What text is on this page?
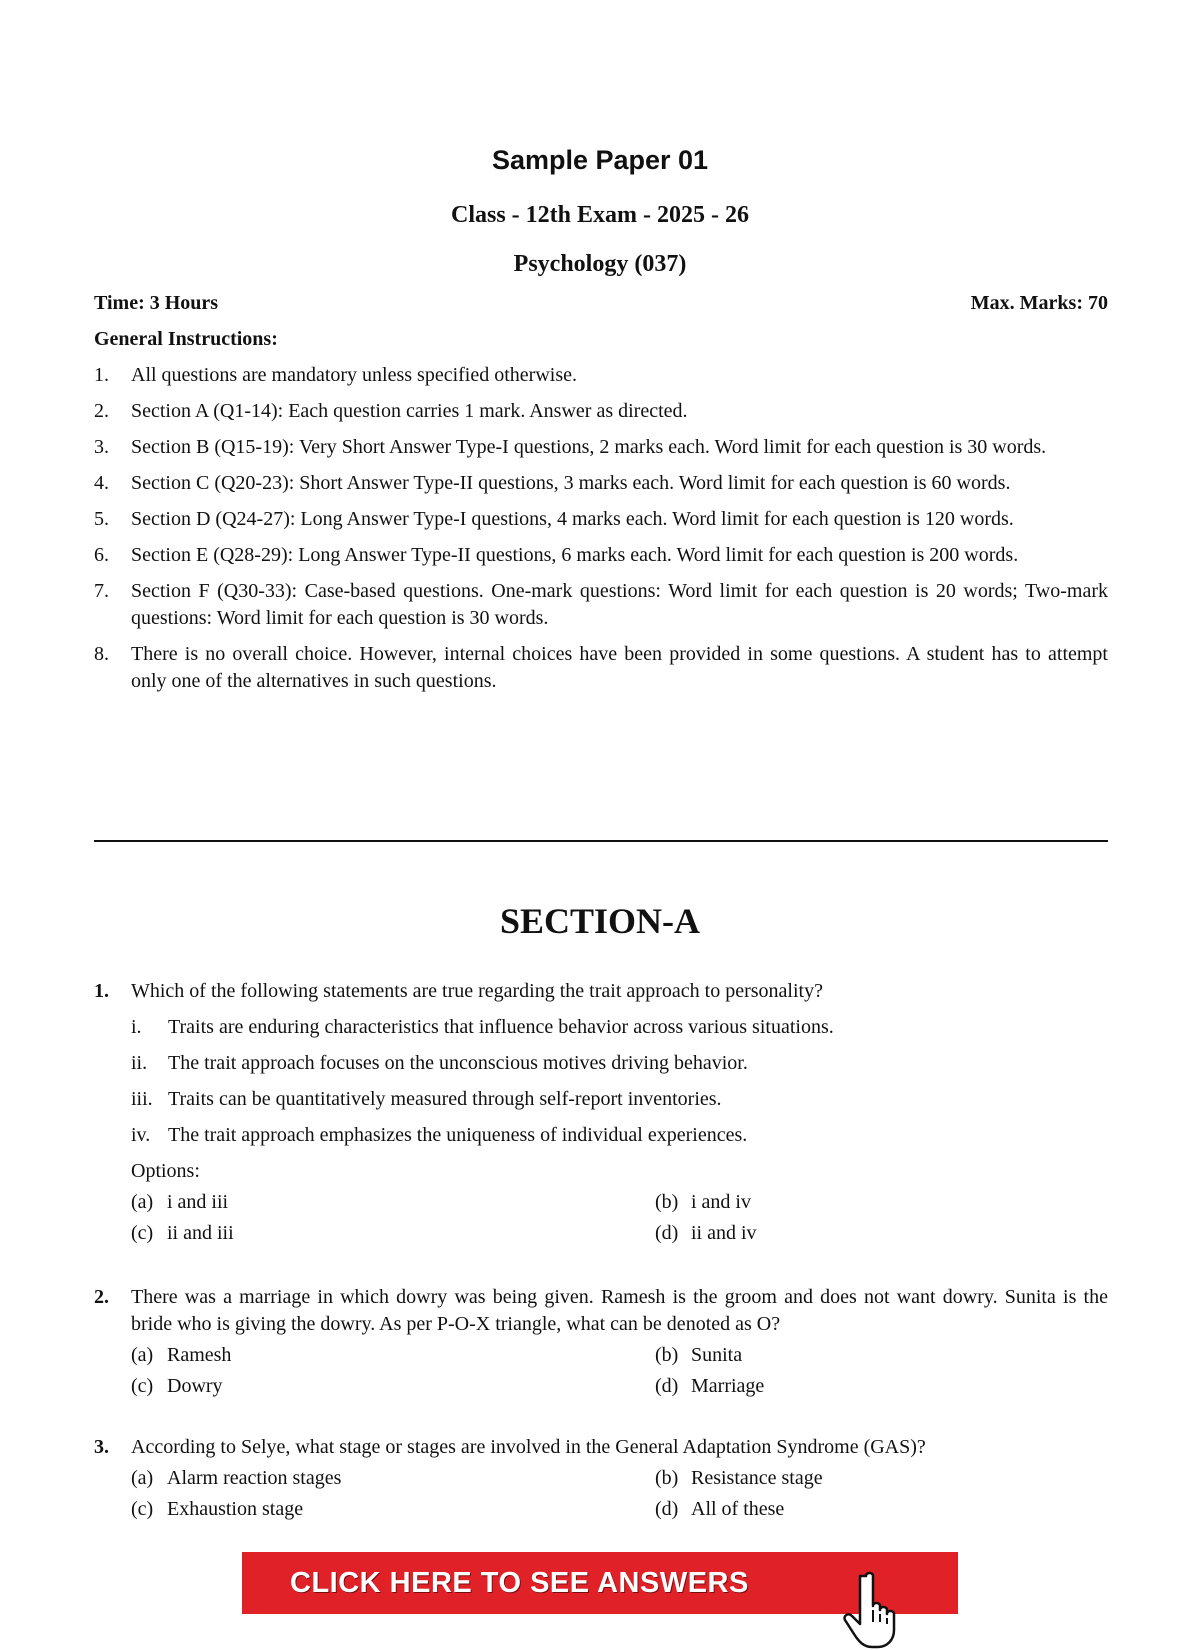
Sample Paper 01
Class - 12th Exam - 2025 - 26
Psychology (037)
Time: 3 Hours	Max. Marks: 70
General Instructions:
1. All questions are mandatory unless specified otherwise.
2. Section A (Q1-14): Each question carries 1 mark. Answer as directed.
3. Section B (Q15-19): Very Short Answer Type-I questions, 2 marks each. Word limit for each question is 30 words.
4. Section C (Q20-23): Short Answer Type-II questions, 3 marks each. Word limit for each question is 60 words.
5. Section D (Q24-27): Long Answer Type-I questions, 4 marks each. Word limit for each question is 120 words.
6. Section E (Q28-29): Long Answer Type-II questions, 6 marks each. Word limit for each question is 200 words.
7. Section F (Q30-33): Case-based questions. One-mark questions: Word limit for each question is 20 words; Two-mark questions: Word limit for each question is 30 words.
8. There is no overall choice. However, internal choices have been provided in some questions. A student has to attempt only one of the alternatives in such questions.
SECTION-A
1. Which of the following statements are true regarding the trait approach to personality?
i. Traits are enduring characteristics that influence behavior across various situations.
ii. The trait approach focuses on the unconscious motives driving behavior.
iii. Traits can be quantitatively measured through self-report inventories.
iv. The trait approach emphasizes the uniqueness of individual experiences.
Options:
(a) i and iii	(b) i and iv
(c) ii and iii	(d) ii and iv
2. There was a marriage in which dowry was being given. Ramesh is the groom and does not want dowry. Sunita is the bride who is giving the dowry. As per P-O-X triangle, what can be denoted as O?
(a) Ramesh	(b) Sunita
(c) Dowry	(d) Marriage
3. According to Selye, what stage or stages are involved in the General Adaptation Syndrome (GAS)?
(a) Alarm reaction stages	(b) Resistance stage
(c) Exhaustion stage	(d) All of these
CLICK HERE TO SEE ANSWERS
